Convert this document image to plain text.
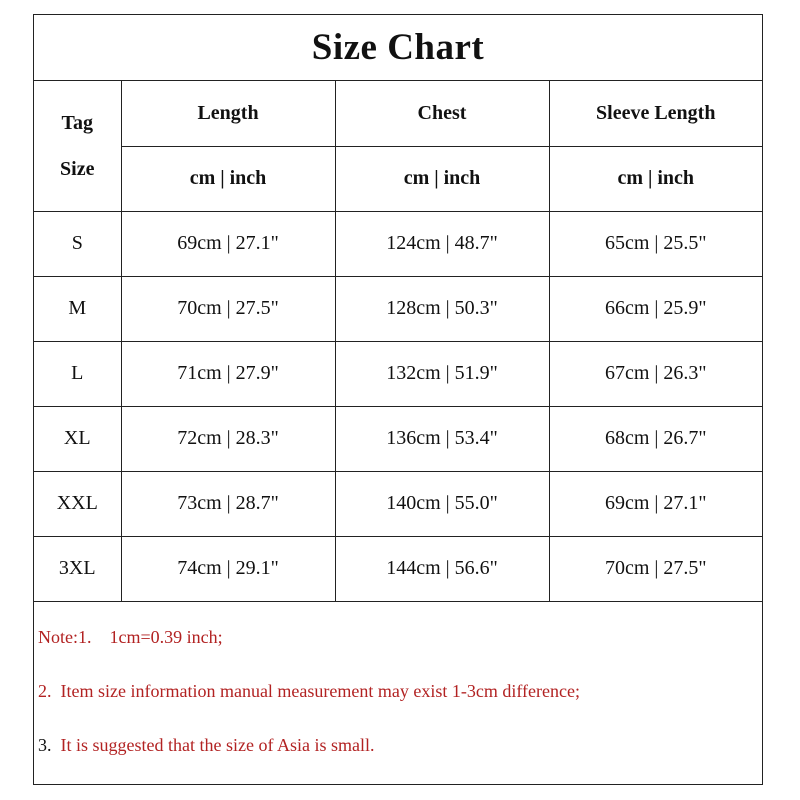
Size Chart
Tag
Size	Length	Chest	Sleeve Length
	cm | inch	cm | inch	cm | inch
S	69cm | 27.1"	124cm | 48.7"	65cm | 25.5"
M	70cm | 27.5"	128cm | 50.3"	66cm | 25.9"
L	71cm | 27.9"	132cm | 51.9"	67cm | 26.3"
XL	72cm | 28.3"	136cm | 53.4"	68cm | 26.7"
XXL	73cm | 28.7"	140cm | 55.0"	69cm | 27.1"
3XL	74cm | 29.1"	144cm | 56.6"	70cm | 27.5"
Note:1.    1cm=0.39 inch;
2.  Item size information manual measurement may exist 1-3cm difference;
3.  It is suggested that the size of Asia is small.
